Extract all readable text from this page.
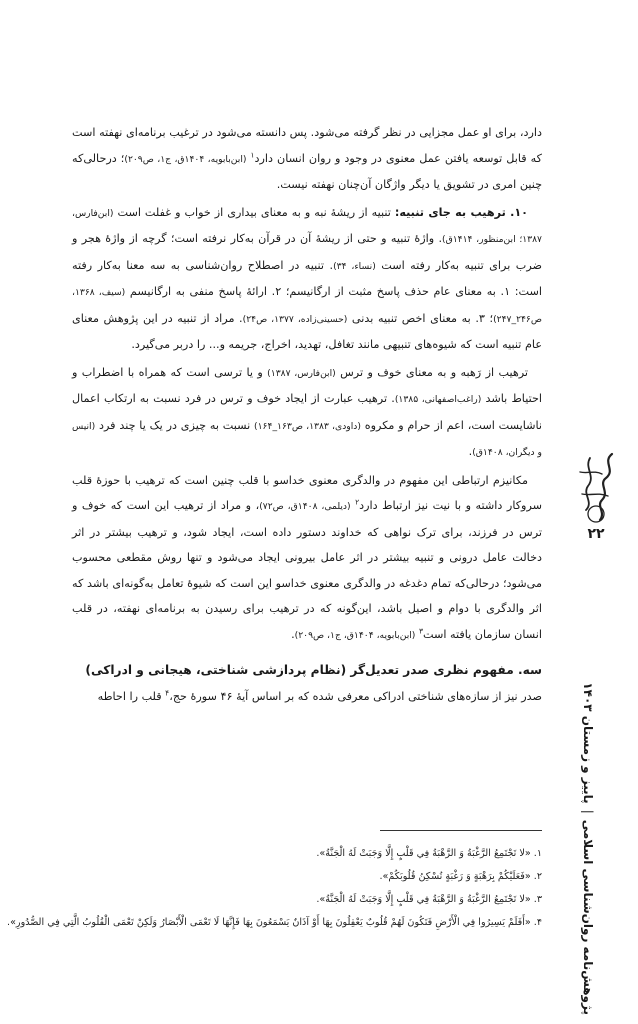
دارد، برای او عمل مجزایی در نظر گرفته می‌شود. پس دانسته می‌شود در ترغیب برنامه‌ای نهفته است که قابل توسعه یافتن عمل معنوی در وجود و روان انسان دارد$^۱$ (ابن‌بابویه، ۱۴۰۴ق، ج۱، ص۲۰۹)؛ درحالی‌که چنین امری در تشویق یا دیگر واژگان آن‌چنان نهفته نیست.

۱۰. ترهیب به جای تنبیه: تنبیه از ریشهٔ نبه و به معنای بیداری از خواب و غفلت است (ابن‌فارس، ۱۳۸۷؛ ابن‌منظور، ۱۴۱۴ق). واژهٔ تنبیه و حتی از ریشهٔ آن در قرآن به‌کار نرفته است؛ گرچه از واژهٔ هجر و ضرب برای تنبیه به‌کار رفته است (نساء، ۳۴). تنبیه در اصطلاح روان‌شناسی به سه معنا به‌کار رفته است: ۱. به معنای عام حذف پاسخ مثبت از ارگانیسم؛ ۲. ارائهٔ پاسخ منفی به ارگانیسم (سیف، ۱۳۶۸، ص۲۴۶_۲۴۷)؛ ۳. به معنای اخص تنبیه بدنی (حسینی‌زاده، ۱۳۷۷، ص۲۴). مراد از تنبیه در این پژوهش معنای عام تنبیه است که شیوه‌های تنبیهی مانند تغافل، تهدید، اخراج، جریمه و... را دربر می‌گیرد.

ترهیب از رَهبه و به معنای خوف و ترس (ابن‌فارس، ۱۳۸۷) و یا ترسی است که همراه با اضطراب و احتیاط باشد (راغب‌اصفهانی، ۱۳۸۵). ترهیب عبارت از ایجاد خوف و ترس در فرد نسبت به ارتکاب اعمال ناشایست است، اعم از حرام و مکروه (داودی، ۱۳۸۳، ص۱۶۳_۱۶۴) نسبت به چیزی در یک یا چند فرد (انیس و دیگران، ۱۴۰۸ق).

مکانیزم ارتباطی این مفهوم در والدگری معنوی خداسو با قلب چنین است که ترهیب با حوزهٔ قلب سروکار داشته و با نیت نیز ارتباط دارد$^۲$ (دیلمی، ۱۴۰۸ق، ص۷۲)، و مراد از ترهیب این است که خوف و ترس در فرزند، برای ترک نواهی که خداوند دستور داده است، ایجاد شود، و ترهیب بیشتر در اثر دخالت عامل درونی و تنبیه بیشتر در اثر عامل بیرونی ایجاد می‌شود و تنها روش مقطعی محسوب می‌شود؛ درحالی‌که تمام دغدغه در والدگری معنوی خداسو این است که شیوهٔ تعامل به‌گونه‌ای باشد که اثر والدگری با دوام و اصیل باشد، این‌گونه که در ترهیب برای رسیدن به برنامه‌ای نهفته، در قلب انسان سازمان یافته است$^۳$ (ابن‌بابویه، ۱۴۰۴ق، ج۱، ص۲۰۹).

سه. مفهوم نظری صدر تعدیل‌گر (نظام پردازشی شناختی، هیجانی و ادراکی)

صدر نیز از سازه‌های شناختی ادراکی معرفی شده که بر اساس آیهٔ ۴۶ سورهٔ حج،$^۴$ قلب را احاطه

۱. «لا تَجْتَمِعُ الرَّغْبَةُ وَ الرَّهْبَةُ فِي قَلْبٍ إِلَّا وَجَبَتْ لَهُ الْجَنَّةُ».
۲. «فَعَلَيْكُمْ بِرَهْبَةٍ وَ رَغْبَةٍ تُسْكِنُ قُلُوبَكُمْ».
۳. «لا تَجْتَمِعُ الرَّغْبَةُ وَ الرَّهْبَةُ فِي قَلْبٍ إِلَّا وَجَبَتْ لَهُ الْجَنَّةُ».
۴. «أَفَلَمْ يَسِيرُوا فِي الْأَرْضِ فَتَكُونَ لَهُمْ قُلُوبٌ يَعْقِلُونَ بِهَا أَوْ آذَانٌ يَسْمَعُونَ بِهَا فَإِنَّهَا لَا تَعْمَى الْأَبْصَارُ وَلَكِنْ تَعْمَى الْقُلُوبُ الَّتِي فِي الصُّدُورِ».
۲۲
پژوهش‌نامه روان‌شناسی اسلامی|پاییز و زمستان ۱۴۰۳
